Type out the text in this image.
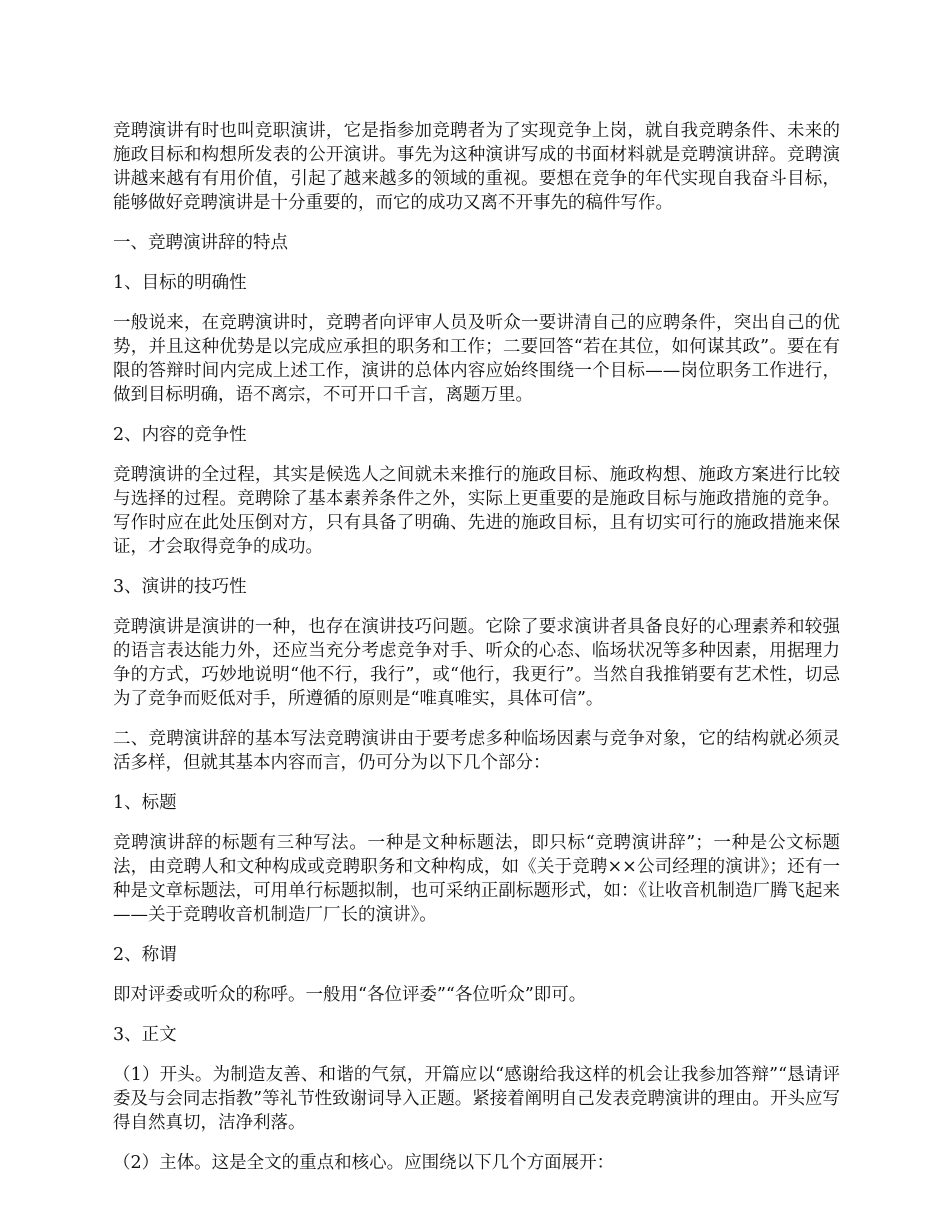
竞聘演讲有时也叫竞职演讲，它是指参加竞聘者为了实现竞争上岗，就自我竞聘条件、未来的施政目标和构想所发表的公开演讲。事先为这种演讲写成的书面材料就是竞聘演讲辞。竞聘演讲越来越有有用价值，引起了越来越多的领域的重视。要想在竞争的年代实现自我奋斗目标，能够做好竞聘演讲是十分重要的，而它的成功又离不开事先的稿件写作。

一、竞聘演讲辞的特点

1、目标的明确性

一般说来，在竞聘演讲时，竞聘者向评审人员及听众一要讲清自己的应聘条件，突出自己的优势，并且这种优势是以完成应承担的职务和工作；二要回答“若在其位，如何谋其政”。要在有限的答辩时间内完成上述工作，演讲的总体内容应始终围绕一个目标——岗位职务工作进行，做到目标明确，语不离宗，不可开口千言，离题万里。

2、内容的竞争性

竞聘演讲的全过程，其实是候选人之间就未来推行的施政目标、施政构想、施政方案进行比较与选择的过程。竞聘除了基本素养条件之外，实际上更重要的是施政目标与施政措施的竞争。写作时应在此处压倒对方，只有具备了明确、先进的施政目标，且有切实可行的施政措施来保证，才会取得竞争的成功。

3、演讲的技巧性

竞聘演讲是演讲的一种，也存在演讲技巧问题。它除了要求演讲者具备良好的心理素养和较强的语言表达能力外，还应当充分考虑竞争对手、听众的心态、临场状况等多种因素，用据理力争的方式，巧妙地说明“他不行，我行”，或“他行，我更行”。当然自我推销要有艺术性，切忌为了竞争而贬低对手，所遵循的原则是“唯真唯实，具体可信”。

二、竞聘演讲辞的基本写法竞聘演讲由于要考虑多种临场因素与竞争对象，它的结构就必须灵活多样，但就其基本内容而言，仍可分为以下几个部分：

1、标题

竞聘演讲辞的标题有三种写法。一种是文种标题法，即只标“竞聘演讲辞”；一种是公文标题法，由竞聘人和文种构成或竞聘职务和文种构成，如《关于竞聘××公司经理的演讲》；还有一种是文章标题法，可用单行标题拟制，也可采纳正副标题形式，如：《让收音机制造厂腾飞起来——关于竞聘收音机制造厂厂长的演讲》。

2、称谓

即对评委或听众的称呼。一般用“各位评委”“各位听众”即可。

3、正文

（1）开头。为制造友善、和谐的气氛，开篇应以“感谢给我这样的机会让我参加答辩”“恳请评委及与会同志指教”等礼节性致谢词导入正题。紧接着阐明自己发表竞聘演讲的理由。开头应写得自然真切，洁净利落。

（2）主体。这是全文的重点和核心。应围绕以下几个方面展开：
